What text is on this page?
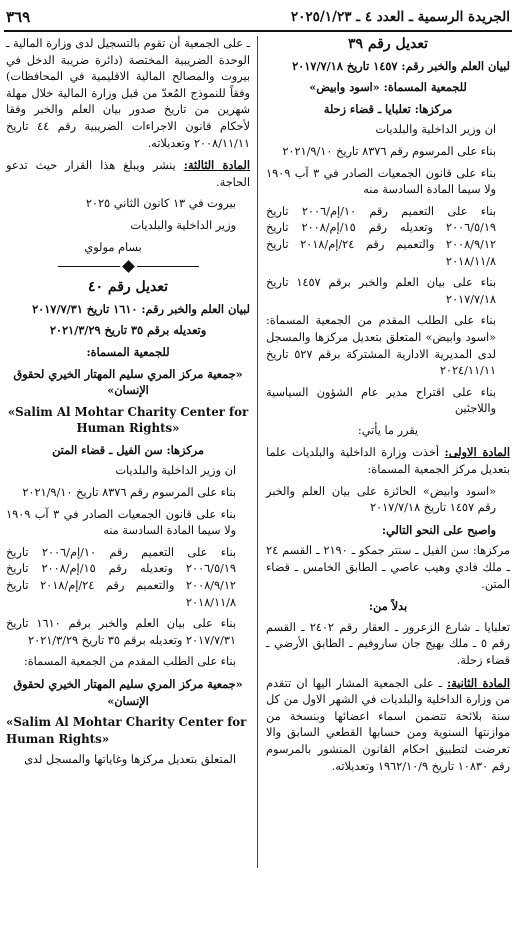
الجريدة الرسمية ـ العدد ٤ ـ ٢٠٢٥/١/٢٣
٣٦٩

تعديل رقم ٣٩

لبيان العلم والخبر رقم: ١٤٥٧ تاريخ ٢٠١٧/٧/١٨

للجمعية المسماة: «اسود وابيض»

مركزها: تعلبايا ـ قضاء زحلة

ان وزير الداخلية والبلديات

بناء على المرسوم رقم ٨٣٧٦ تاريخ ٢٠٢١/٩/١٠

بناء على قانون الجمعيات الصادر في ٣ آب ١٩٠٩ ولا سيما المادة السادسة منه

بناء على التعميم رقم ١٠/إم/٢٠٠٦ تاريخ ٢٠٠٦/٥/١٩ وتعديله رقم ١٥/إم/٢٠٠٨ تاريخ ٢٠٠٨/٩/١٢ والتعميم رقم ٢٤/إم/٢٠١٨ تاريخ ٢٠١٨/١١/٨

بناء على بيان العلم والخبر برقم ١٤٥٧ تاريخ ٢٠١٧/٧/١٨

بناء على الطلب المقدم من الجمعية المسماة: «اسود وابيض» المتعلق بتعديل مركزها والمسجل لدى المديرية الادارية المشتركة برقم ٥٢٧ تاريخ ٢٠٢٤/١١/١١

بناء على اقتراح مدير عام الشؤون السياسية واللاجئين

يقرر ما يأتي:

المادة الاولى: أخذت وزارة الداخلية والبلديات علما بتعديل مركز الجمعية المسماة:

«اسود وابيض» الحائزة على بيان العلم والخبر رقم ١٤٥٧ تاريخ ٢٠١٧/٧/١٨

واصبح على النحو التالي:

مركزها: سن الفيل ـ سنتر جمكو ـ ٢١٩٠ ـ القسم ٢٤ ـ ملك فادي وهيب عاصي ـ الطابق الخامس ـ قضاء المتن.

بدلاً من:

تعلبايا ـ شارع الزعرور ـ العقار رقم ٢٤٠٢ ـ القسم رقم ٥ ـ ملك بهيج جان ساروفيم ـ الطابق الأرضي ـ قضاء زحلة.

المادة الثانية: ـ على الجمعية المشار اليها ان تتقدم من وزارة الداخلية والبلديات في الشهر الاول من كل سنة بلائحة تتضمن اسماء اعضائها وبنسخة من موازنتها السنوية ومن حسابها القطعي السابق والا تعرضت لتطبيق احكام القانون المنشور بالمرسوم رقم ١٠٨٣٠ تاريخ ١٩٦٢/١٠/٩ وتعديلاته.

ـ على الجمعية أن تقوم بالتسجيل لدى وزارة المالية ـ الوحدة الضريبية المختصة (دائرة ضريبة الدخل في بيروت والمصالح المالية الاقليمية في المحافظات) وفقاً للنموذج المُعدّ من قبل وزارة المالية خلال مهلة شهرين من تاريخ صدور بيان العلم والخبر وفقا لأحكام قانون الاجراءات الضريبية رقم ٤٤ تاريخ ٢٠٠٨/١١/١١ وتعديلاته.

المادة الثالثة: ينشر ويبلغ هذا القرار حيث تدعو الحاجة.

بيروت في ١٣ كانون الثاني ٢٠٢٥

وزير الداخلية والبلديات

بسام مولوي

تعديل رقم ٤٠

لبيان العلم والخبر رقم: ١٦١٠ تاريخ ٢٠١٧/٧/٣١

وتعديله برقم ٣٥ تاريخ ٢٠٢١/٣/٢٩

للجمعية المسماة:

«جمعية مركز المري سليم المهتار الخيري لحقوق الإنسان»

«Salim Al Mohtar Charity Center for Human Rights»

مركزها: سن الفيل ـ قضاء المتن

ان وزير الداخلية والبلديات

بناء على المرسوم رقم ٨٣٧٦ تاريخ ٢٠٢١/٩/١٠

بناء على قانون الجمعيات الصادر في ٣ آب ١٩٠٩ ولا سيما المادة السادسة منه

بناء على التعميم رقم ١٠/إم/٢٠٠٦ تاريخ ٢٠٠٦/٥/١٩ وتعديله رقم ١٥/إم/٢٠٠٨ تاريخ ٢٠٠٨/٩/١٢ والتعميم رقم ٢٤/إم/٢٠١٨ تاريخ ٢٠١٨/١١/٨

بناء على بيان العلم والخبر برقم ١٦١٠ تاريخ ٢٠١٧/٧/٣١ وتعديله برقم ٣٥ تاريخ ٢٠٢١/٣/٢٩

بناء على الطلب المقدم من الجمعية المسماة:

«جمعية مركز المري سليم المهتار الخيري لحقوق الإنسان»

«Salim Al Mohtar Charity Center for Human Rights»

المتعلق بتعديل مركزها وغاياتها والمسجل لدى
